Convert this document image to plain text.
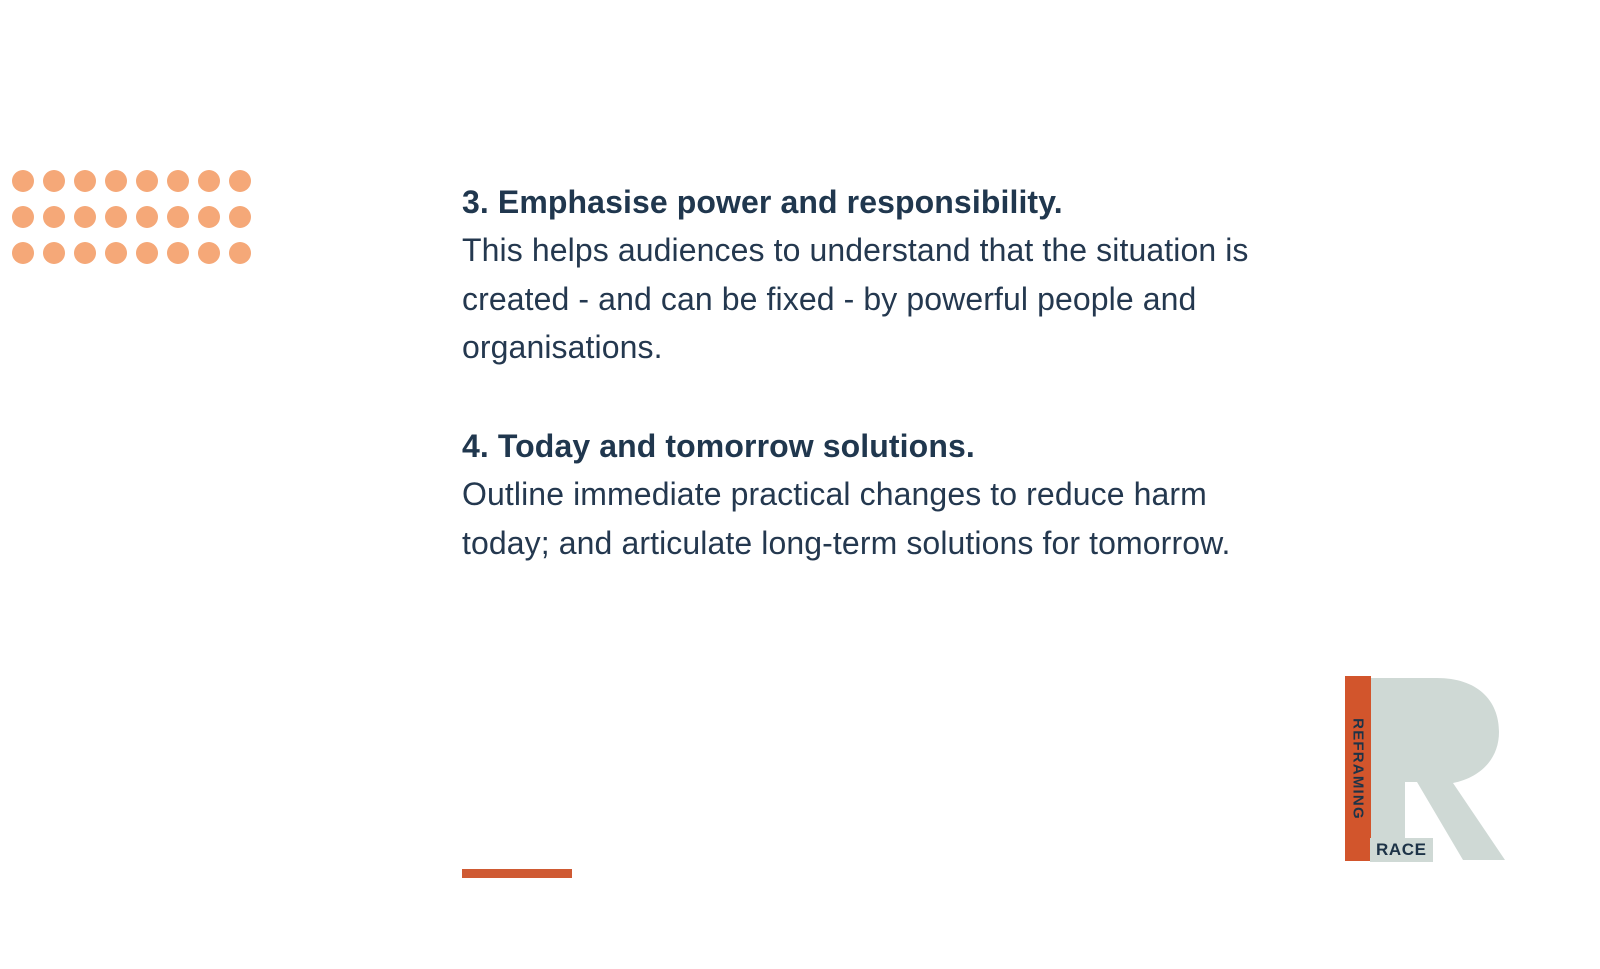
3. Emphasise power and responsibility.

This helps audiences to understand that the situation is created - and can be fixed - by powerful people and organisations.

4. Today and tomorrow solutions.

Outline immediate practical changes to reduce harm today; and articulate long-term solutions for tomorrow.

REFRAMING
RACE
